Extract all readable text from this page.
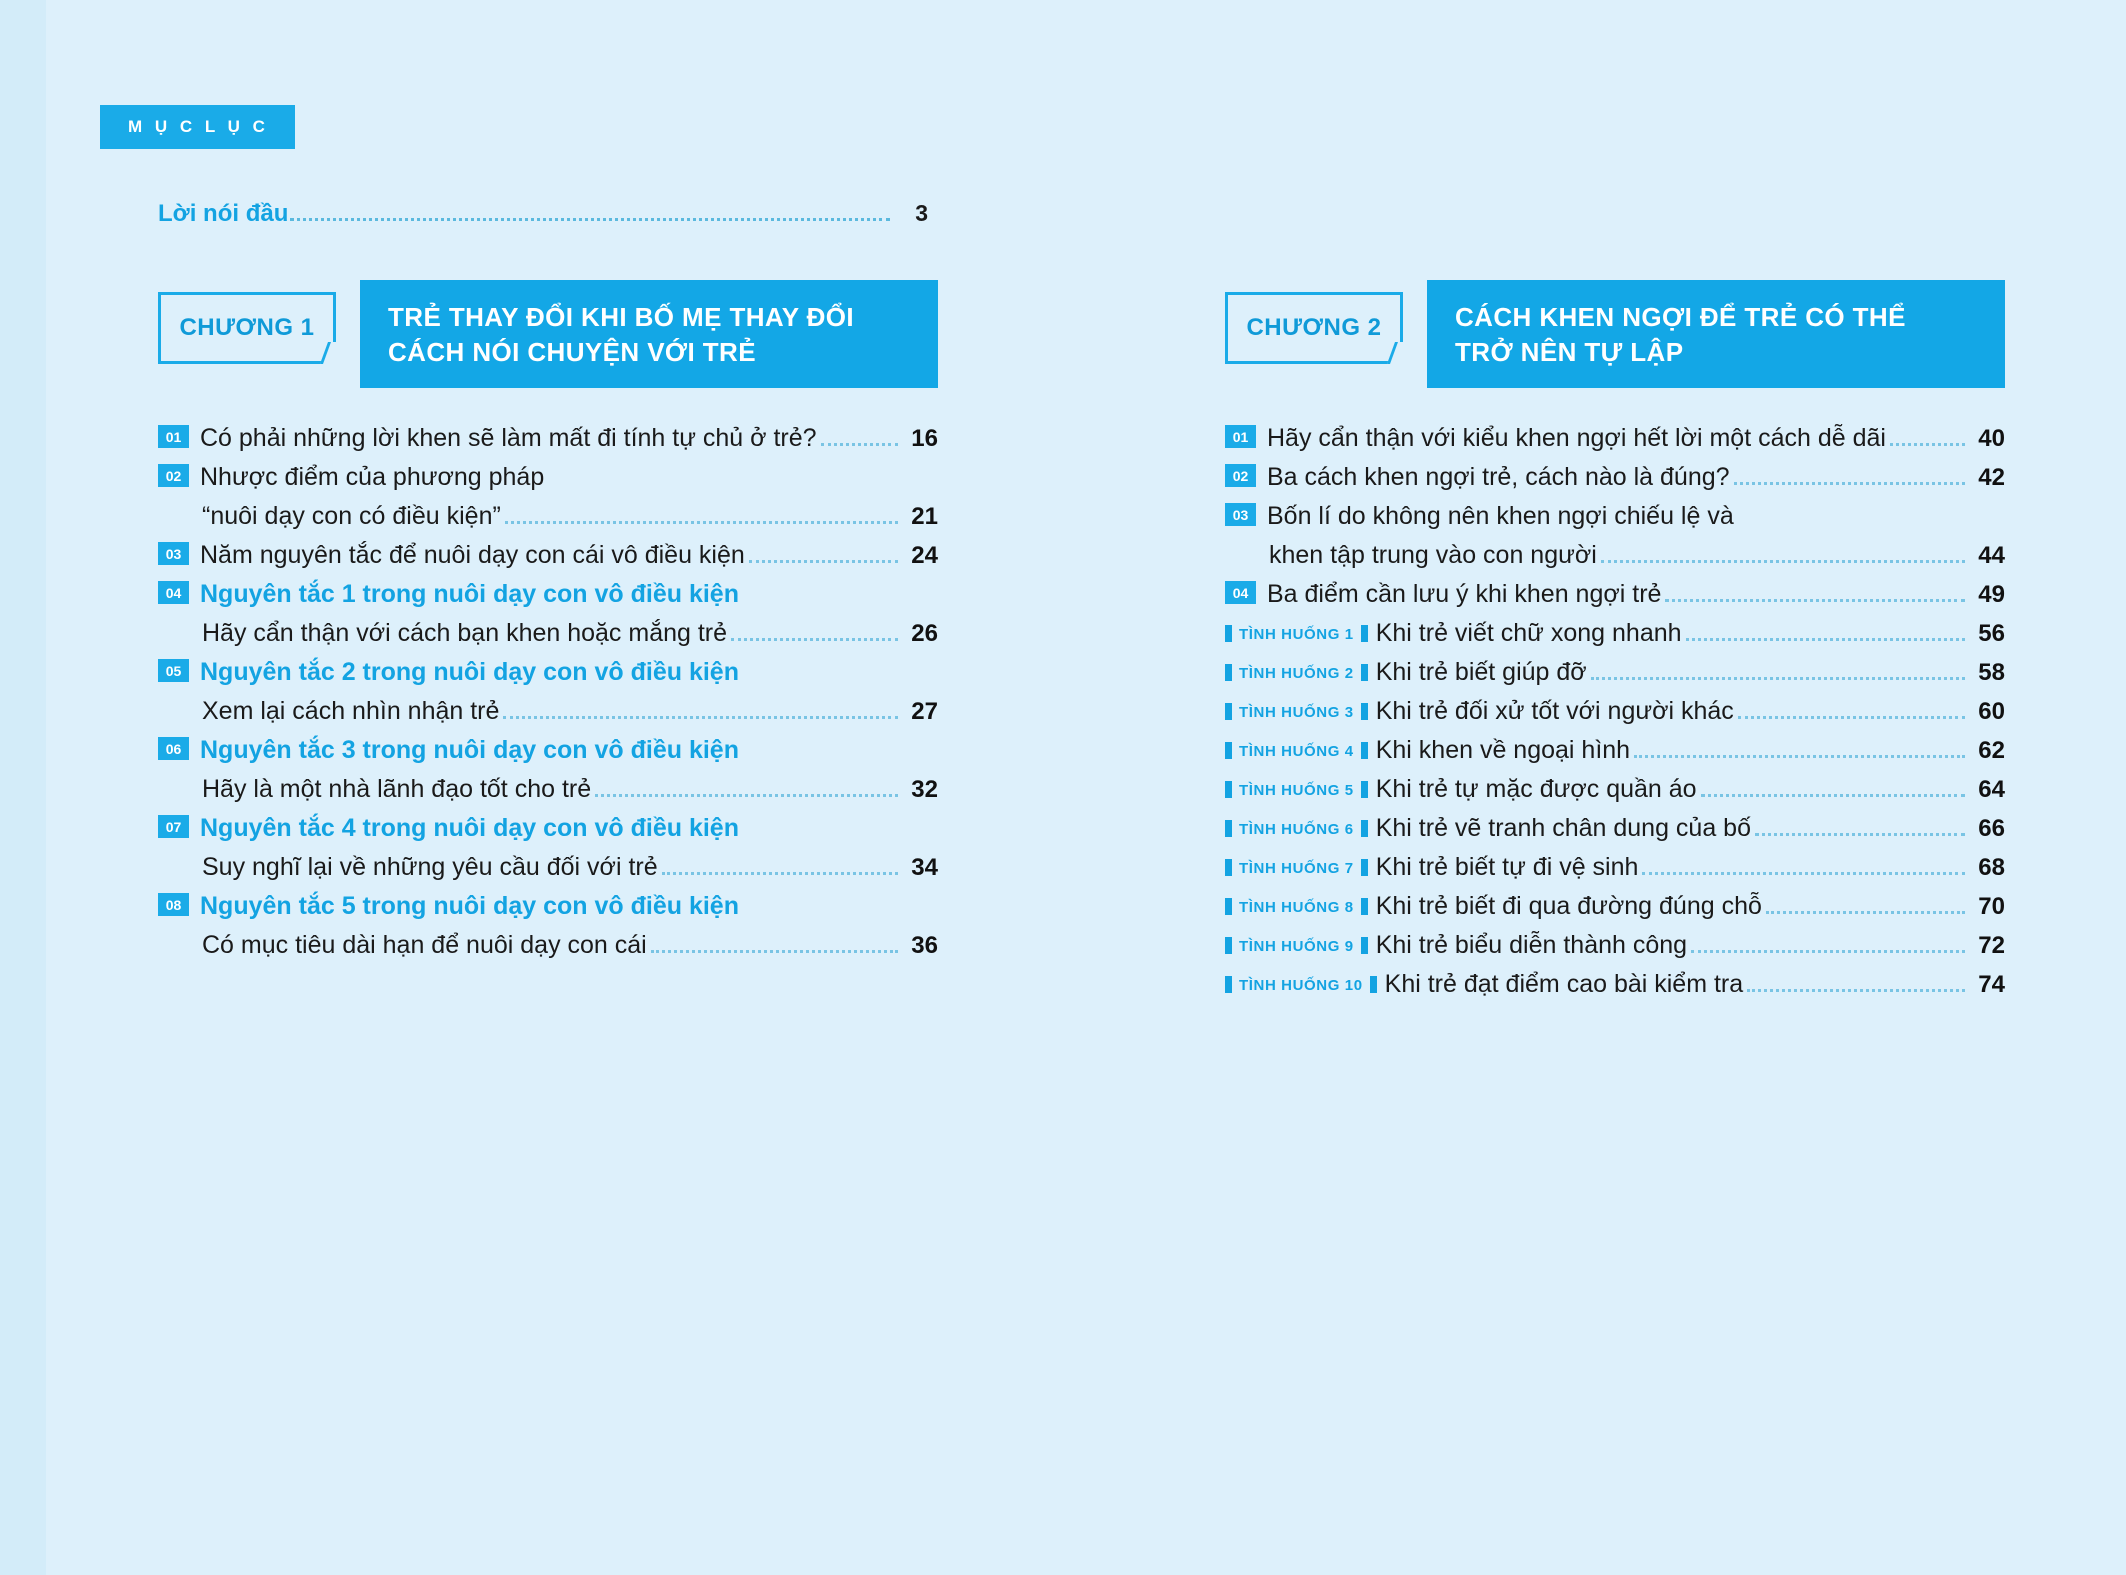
M Ụ C L Ụ C
Lời nói đầu	3
CHƯƠNG 1	TRẺ THAY ĐỔI KHI BỐ MẸ THAY ĐỔI
CÁCH NÓI CHUYỆN VỚI TRẺ
01 Có phải những lời khen sẽ làm mất đi tính tự chủ ở trẻ?	16
02 Nhược điểm của phương pháp
“nuôi dạy con có điều kiện”	21
03 Năm nguyên tắc để nuôi dạy con cái vô điều kiện	24
04 Nguyên tắc 1 trong nuôi dạy con vô điều kiện
Hãy cẩn thận với cách bạn khen hoặc mắng trẻ	26
05 Nguyên tắc 2 trong nuôi dạy con vô điều kiện
Xem lại cách nhìn nhận trẻ	27
06 Nguyên tắc 3 trong nuôi dạy con vô điều kiện
Hãy là một nhà lãnh đạo tốt cho trẻ	32
07 Nguyên tắc 4 trong nuôi dạy con vô điều kiện
Suy nghĩ lại về những yêu cầu đối với trẻ	34
08 Nguyên tắc 5 trong nuôi dạy con vô điều kiện
Có mục tiêu dài hạn để nuôi dạy con cái	36
CHƯƠNG 2	CÁCH KHEN NGỢI ĐỂ TRẺ CÓ THỂ
TRỞ NÊN TỰ LẬP
01 Hãy cẩn thận với kiểu khen ngợi hết lời một cách dễ dãi	40
02 Ba cách khen ngợi trẻ, cách nào là đúng?	42
03 Bốn lí do không nên khen ngợi chiếu lệ và
khen tập trung vào con người	44
04 Ba điểm cần lưu ý khi khen ngợi trẻ	49
TÌNH HUỐNG 1 Khi trẻ viết chữ xong nhanh	56
TÌNH HUỐNG 2 Khi trẻ biết giúp đỡ	58
TÌNH HUỐNG 3 Khi trẻ đối xử tốt với người khác	60
TÌNH HUỐNG 4 Khi khen về ngoại hình	62
TÌNH HUỐNG 5 Khi trẻ tự mặc được quần áo	64
TÌNH HUỐNG 6 Khi trẻ vẽ tranh chân dung của bố	66
TÌNH HUỐNG 7 Khi trẻ biết tự đi vệ sinh	68
TÌNH HUỐNG 8 Khi trẻ biết đi qua đường đúng chỗ	70
TÌNH HUỐNG 9 Khi trẻ biểu diễn thành công	72
TÌNH HUỐNG 10 Khi trẻ đạt điểm cao bài kiểm tra	74
